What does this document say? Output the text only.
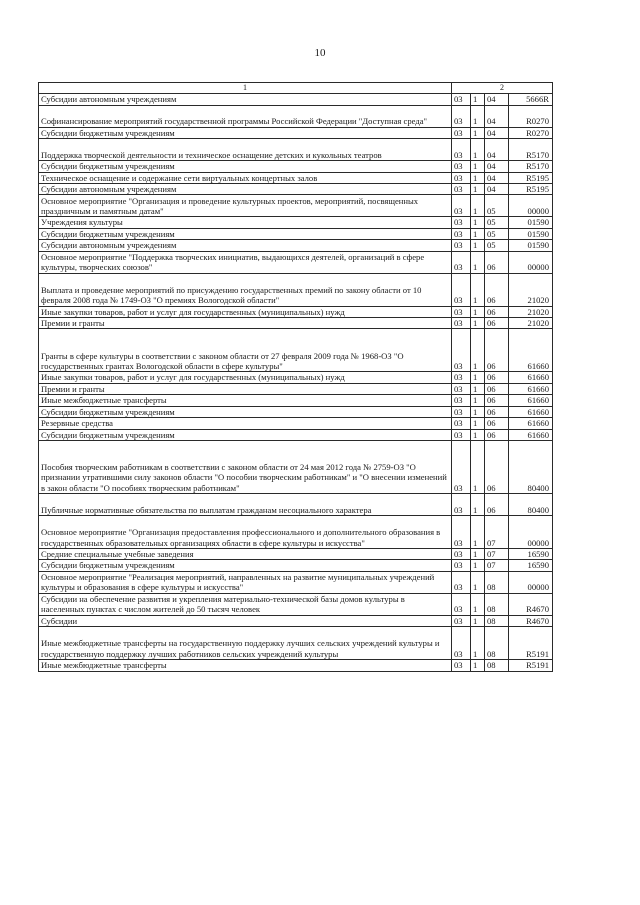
10
1	2			
Субсидии автономным учреждениям	03	1	04	5666R
Софинансирование мероприятий государственной программы Российской Федерации "Доступная среда"	03	1	04	R0270
Субсидии бюджетным учреждениям	03	1	04	R0270
Поддержка творческой деятельности и техническое оснащение детских и кукольных театров	03	1	04	R5170
Субсидии бюджетным учреждениям	03	1	04	R5170
Техническое оснащение и содержание сети виртуальных концертных залов	03	1	04	R5195
Субсидии автономным учреждениям	03	1	04	R5195
Основное мероприятие "Организация и проведение культурных проектов, мероприятий, посвященных праздничным и памятным датам"	03	1	05	00000
Учреждения культуры	03	1	05	01590
Субсидии бюджетным учреждениям	03	1	05	01590
Субсидии автономным учреждениям	03	1	05	01590
Основное мероприятие "Поддержка творческих инициатив, выдающихся деятелей, организаций в сфере культуры, творческих союзов"	03	1	06	00000
Выплата и проведение мероприятий по присуждению государственных премий по закону области от 10 февраля 2008 года № 1749-ОЗ "О премиях Вологодской области"	03	1	06	21020
Иные закупки товаров, работ и услуг для государственных (муниципальных) нужд	03	1	06	21020
Премии и гранты	03	1	06	21020
Гранты в сфере культуры в соответствии с законом области от 27 февраля 2009 года № 1968-ОЗ "О государственных грантах Вологодской области в сфере культуры"	03	1	06	61660
Иные закупки товаров, работ и услуг для государственных (муниципальных) нужд	03	1	06	61660
Премии и гранты	03	1	06	61660
Иные межбюджетные трансферты	03	1	06	61660
Субсидии бюджетным учреждениям	03	1	06	61660
Резервные средства	03	1	06	61660
Субсидии бюджетным учреждениям	03	1	06	61660
Пособия творческим работникам в соответствии с законом области от 24 мая 2012 года № 2759-ОЗ "О признании утратившими силу законов области "О пособии творческим работникам" и "О внесении изменений в закон области "О пособиях творческим работникам"	03	1	06	80400
Публичные нормативные обязательства по выплатам гражданам несоциального характера	03	1	06	80400
Основное мероприятие "Организация предоставления профессионального и дополнительного образования в государственных образовательных организациях области в сфере культуры и искусства"	03	1	07	00000
Средние специальные учебные заведения	03	1	07	16590
Субсидии бюджетным учреждениям	03	1	07	16590
Основное мероприятие "Реализация мероприятий, направленных на развитие муниципальных учреждений культуры и образования в сфере культуры и искусства"	03	1	08	00000
Субсидии на обеспечение развития и укрепления материально-технической базы домов культуры в населенных пунктах с числом жителей до 50 тысяч человек	03	1	08	R4670
Субсидии	03	1	08	R4670
Иные межбюджетные трансферты на государственную поддержку лучших сельских учреждений культуры и государственную поддержку лучших работников сельских учреждений культуры	03	1	08	R5191
Иные межбюджетные трансферты	03	1	08	R5191
